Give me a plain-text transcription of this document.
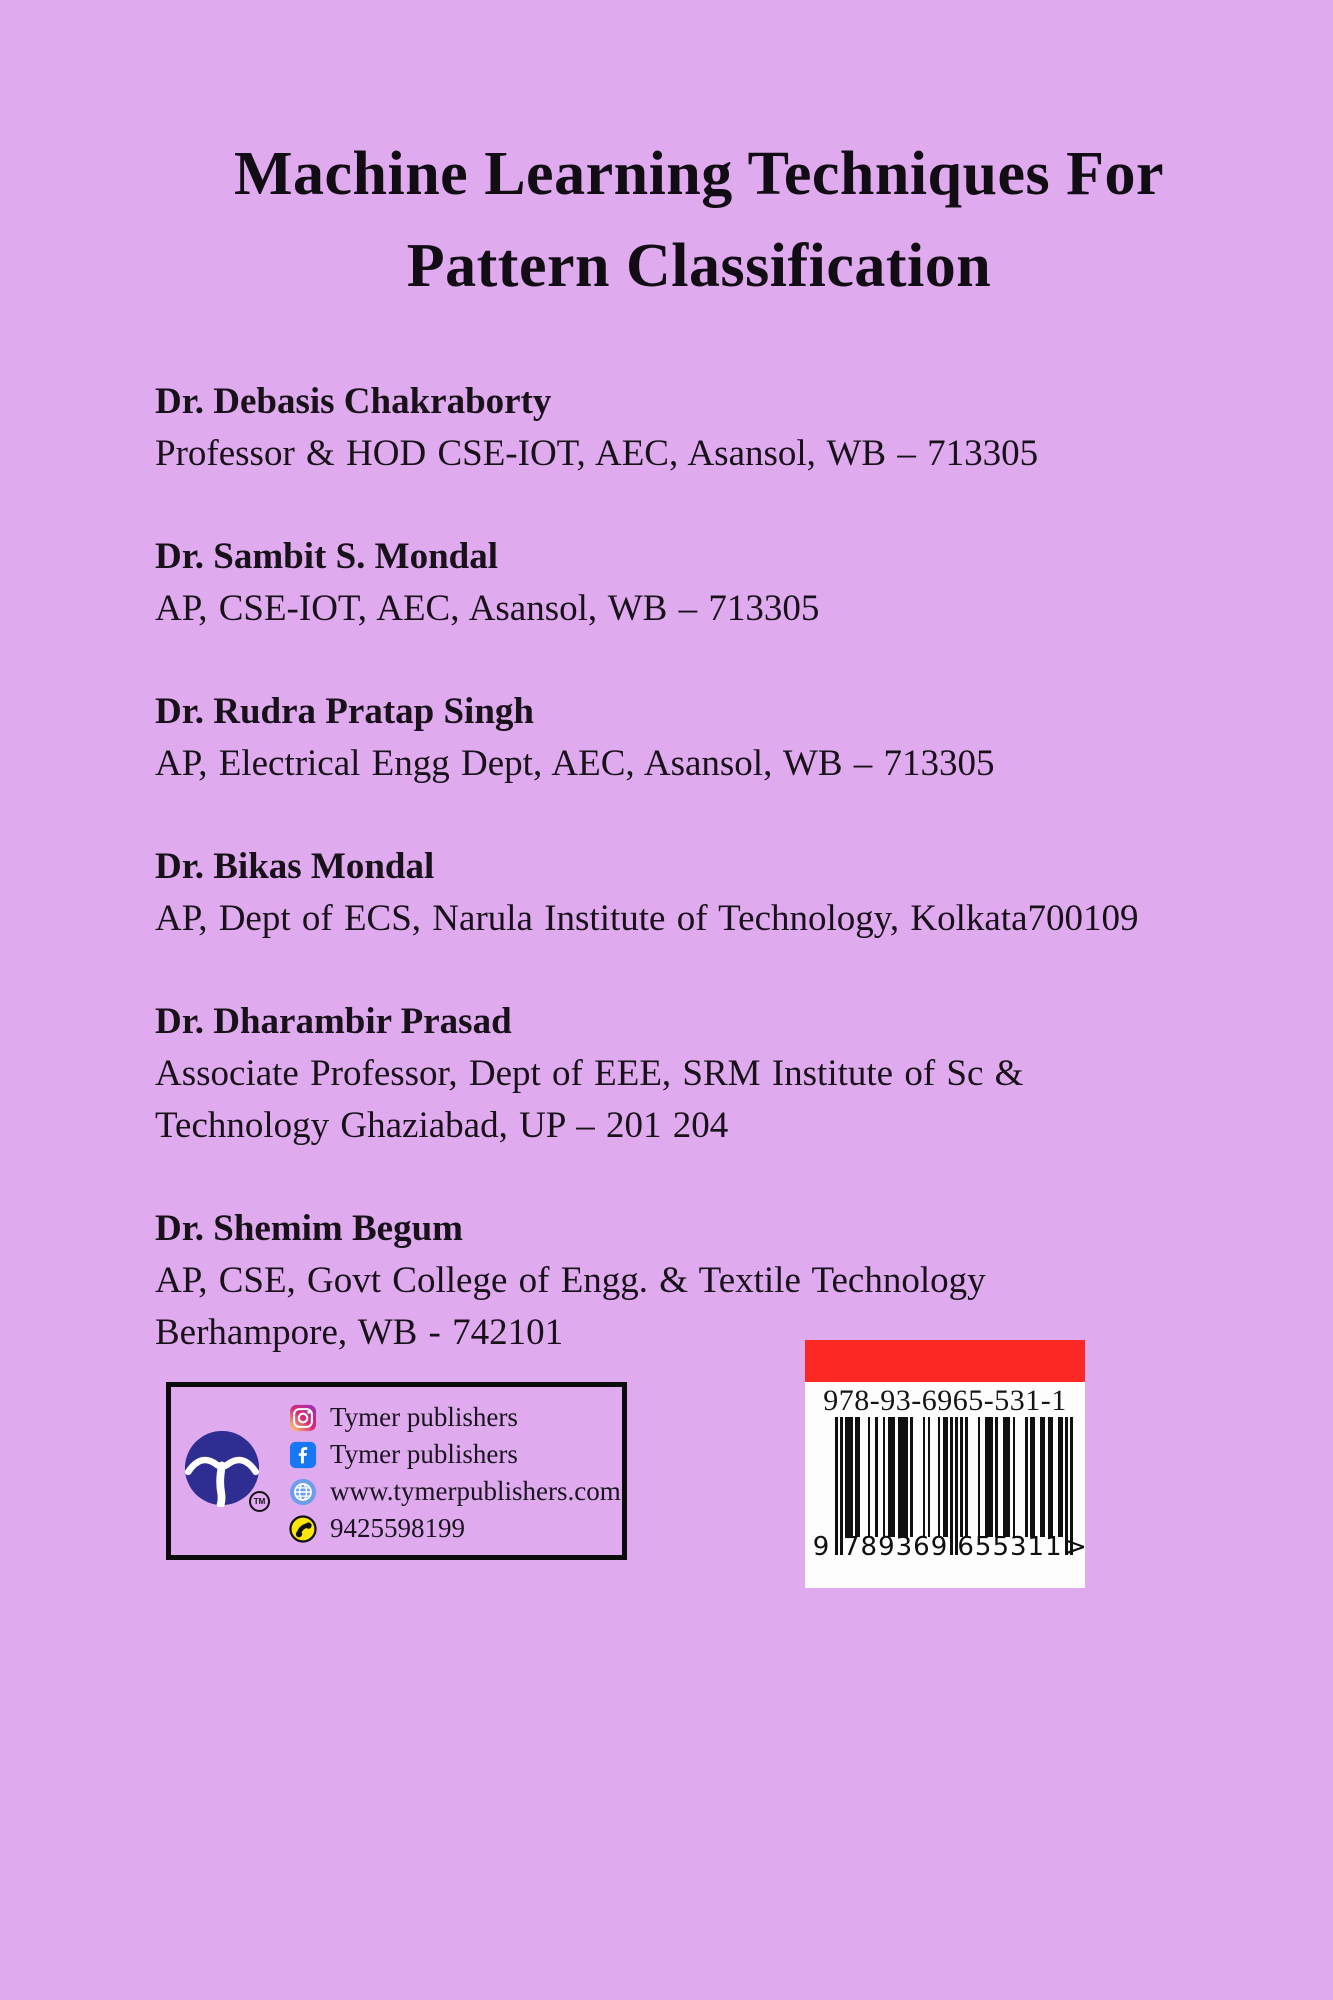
Machine Learning Techniques For
Pattern Classification
Dr. Debasis Chakraborty
Professor & HOD CSE-IOT, AEC, Asansol, WB – 713305
Dr. Sambit S. Mondal
AP, CSE-IOT, AEC, Asansol, WB – 713305
Dr. Rudra Pratap Singh
AP, Electrical Engg Dept, AEC, Asansol, WB – 713305
Dr. Bikas Mondal
AP, Dept of ECS, Narula Institute of Technology, Kolkata700109
Dr. Dharambir Prasad
Associate Professor, Dept of EEE, SRM Institute of Sc &
Technology Ghaziabad, UP – 201 204
Dr. Shemim Begum
AP, CSE, Govt College of Engg. & Textile Technology
Berhampore, WB - 742101
TM
Tymer publishers
Tymer publishers
www.tymerpublishers.com
9425598199
978-93-6965-531-1
9 789369 655311 >
